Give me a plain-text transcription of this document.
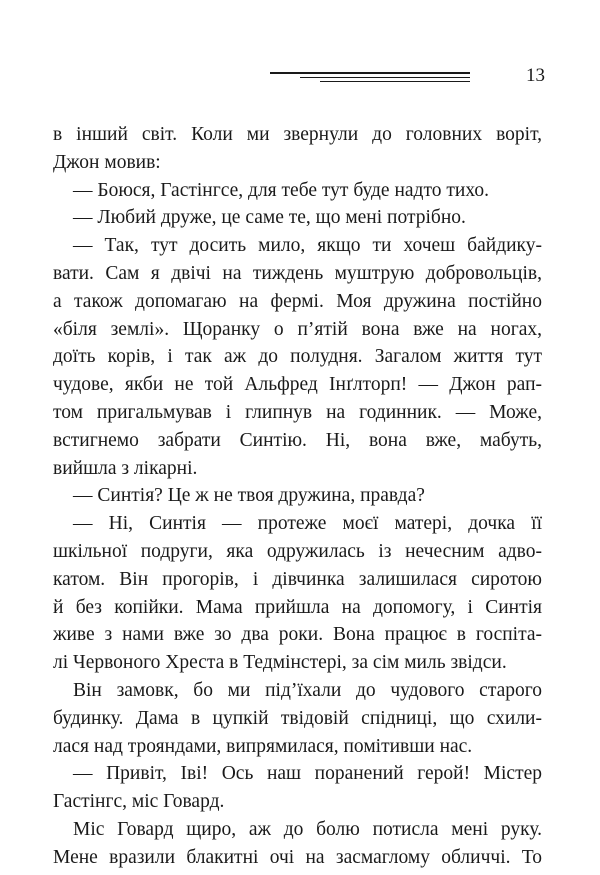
13

в інший світ. Коли ми звернули до головних воріт,
Джон мовив:

— Боюся, Гастінгсе, для тебе тут буде надто тихо.

— Любий друже, це саме те, що мені потрібно.

— Так, тут досить мило, якщо ти хочеш байдику-
вати. Сам я двічі на тиждень муштрую добровольців,
а також допомагаю на фермі. Моя дружина постійно
«біля землі». Щоранку о п’ятій вона вже на ногах,
доїть корів, і так аж до полудня. Загалом життя тут
чудове, якби не той Альфред Інґлторп! — Джон рап-
том пригальмував і глипнув на годинник. — Може,
встигнемо забрати Синтію. Ні, вона вже, мабуть,
вийшла з лікарні.

— Синтія? Це ж не твоя дружина, правда?

— Ні, Синтія — протеже моєї матері, дочка її
шкільної подруги, яка одружилась із нечесним адво-
катом. Він прогорів, і дівчинка залишилася сиротою
й без копійки. Мама прийшла на допомогу, і Синтія
живе з нами вже зо два роки. Вона працює в госпіта-
лі Червоного Хреста в Тедмінстері, за сім миль звідси.

Він замовк, бо ми під’їхали до чудового старого
будинку. Дама в цупкій твідовій спідниці, що схили-
лася над трояндами, випрямилася, помітивши нас.

— Привіт, Іві! Ось наш поранений герой! Містер
Гастінгс, міс Говард.

Міс Говард щиро, аж до болю потисла мені руку.
Мене вразили блакитні очі на засмаглому обличчі. То
